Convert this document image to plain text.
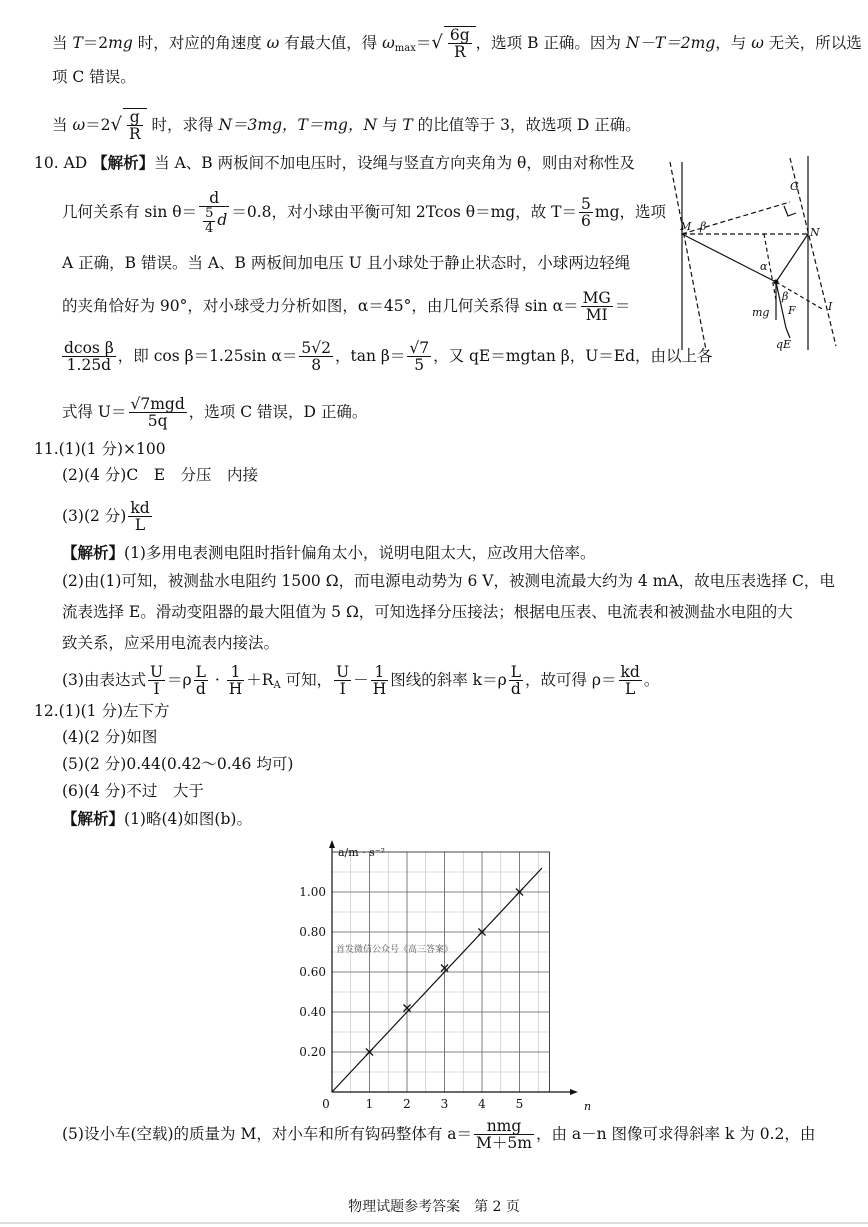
当 T＝2mg 时，对应的角速度 ω 有最大值，得 $\omega_{max}=√ \frac{6g}{R}$ ，选项 B 正确。因为 N－T＝2mg，与 ω 无关，所以选
项 C 错误。
当 $\omega=2√ \frac{g}{R}$ 时，求得 N＝3mg，T＝mg，N 与 T 的比值等于 3，故选项 D 正确。
10. AD 【解析】当 A、B 两板间不加电压时，设绳与竖直方向夹角为 θ，则由对称性及
几何关系有 $\sin \theta= \frac{d}{\frac{5}{4} d} =0.8$，对小球由平衡可知 2Tcos θ＝mg，故 $T= \frac{5}{6}$ mg，选项
A 正确，B 错误。当 A、B 两板间加电压 U 且小球处于静止状态时，小球两边轻绳
的夹角恰好为 90°，对小球受力分析如图，α＝45°，由几何关系得 $\sin \alpha= \frac{MG}{MI}$ ＝
$\frac{\text{dcos β}}{1.25d}$ ，即 cos β＝1.25sin $\alpha= \frac{5√2}{8}$ ，$\tan \beta= \frac{√7}{5}$ ，又 qE＝mgtan β，U＝Ed，由以上各
式得 $U= \frac{\text{√7mgd}}{5q}$ ，选项 C 错误，D 正确。
M β	N
G
I
α
β
mg F
qE
11.(1)(1 分)×100
(2)(4 分)C　E　分压　内接
(3)(2 分) $\frac{kd}{L}$
【解析】(1)多用电表测电阻时指针偏角太小，说明电阻太大，应改用大倍率。
(2)由(1)可知，被测盐水电阻约 1500 Ω，而电源电动势为 6 V，被测电流最大约为 4 mA，故电压表选择 C，电
流表选择 E。滑动变阻器的最大阻值为 5 Ω，可知选择分压接法；根据电压表、电流表和被测盐水电阻的大
致关系，应采用电流表内接法。
(3)由表达式 $\frac{U}{I} =\rho \frac{L}{d} \cdot \frac{1}{H} +R_A$ 可知， $\frac{U}{I} - \frac{1}{H}$ 图线的斜率 $k=\rho \frac{L}{d}$ ，故可得 $\rho= \frac{kd}{L}$ 。
12.(1)(1 分)左下方
(4)(2 分)如图
(5)(2 分)0.44(0.42～0.46 均可)
(6)(4 分)不过　大于
【解析】(1)略(4)如图(b)。
0	1 2 3 4 5
0.20
0.40
0.60
0.80
1.00
n
a/m · s⁻²
首发微信公众号《高三答案》
(5)设小车(空载)的质量为 M，对小车和所有钩码整体有 $a= \frac{\text{nmg}}{M+5m}$ ，由 a－n 图像可求得斜率 k 为 0.2，由
物理试题参考答案　第 2 页
